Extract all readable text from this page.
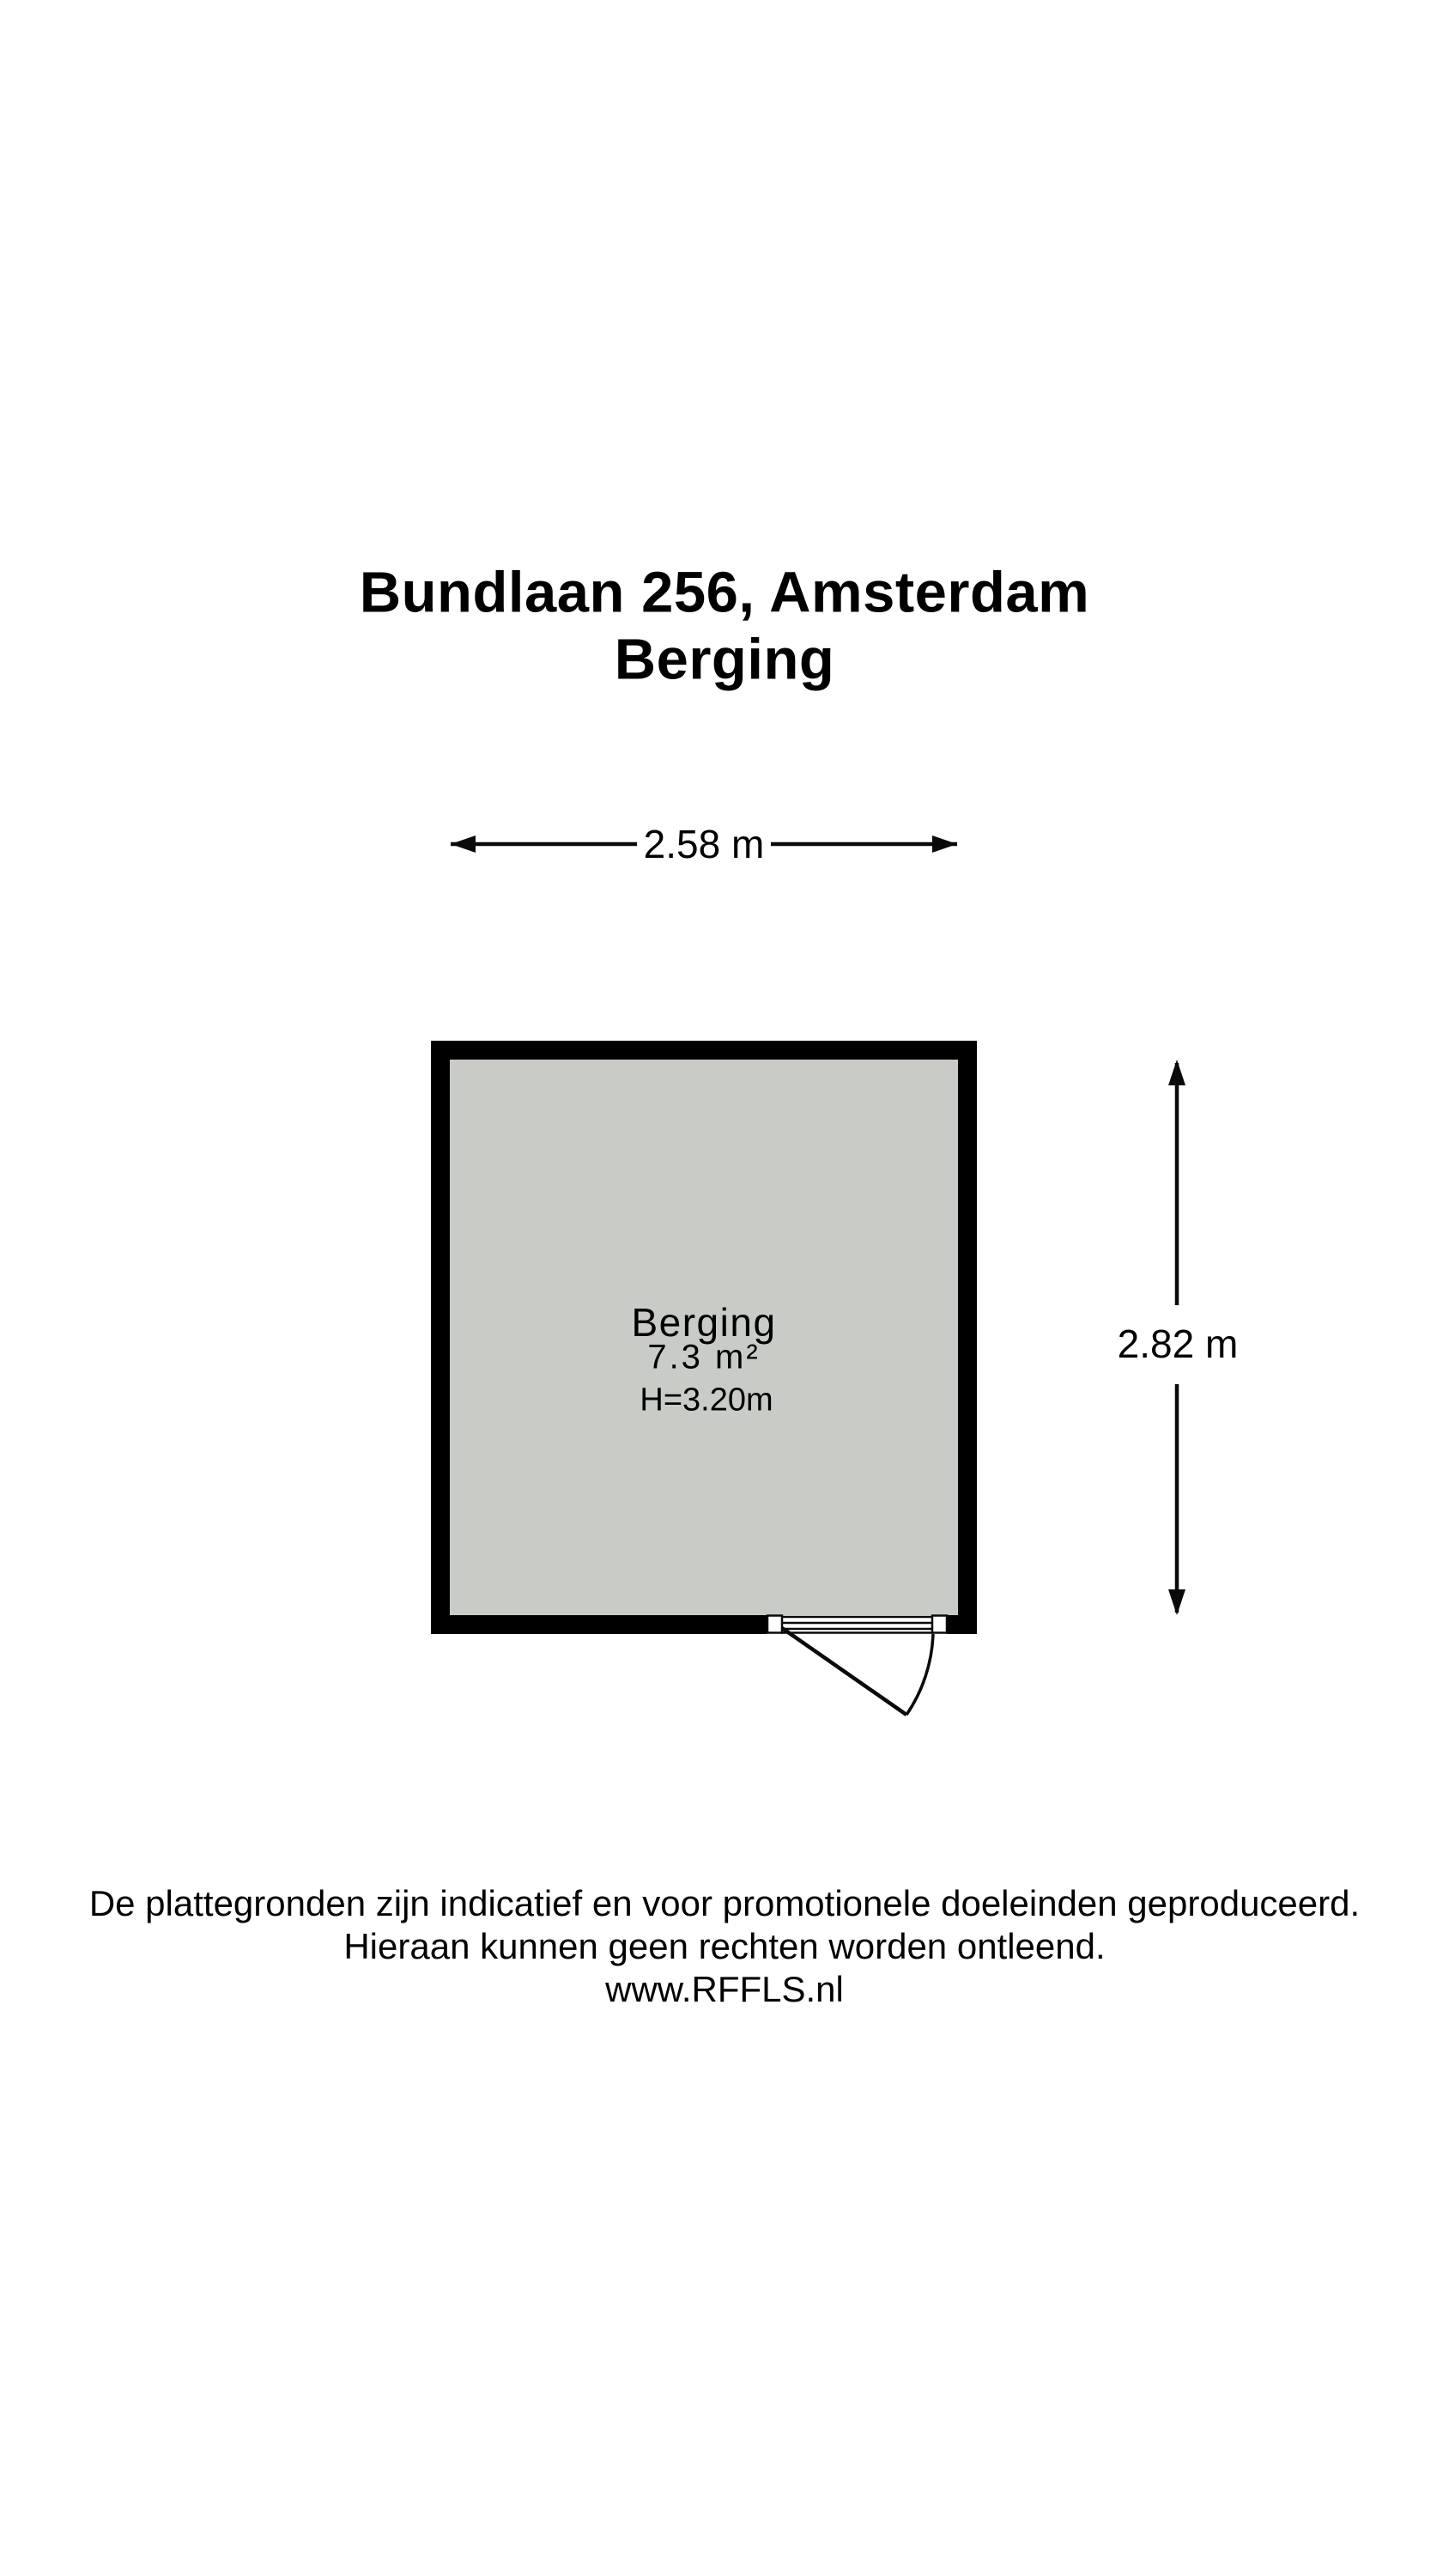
Bundlaan 256, Amsterdam
Berging
2.58 m
2.82 m
Berging
7.3 m²
H=3.20m
De plattegronden zijn indicatief en voor promotionele doeleinden geproduceerd.
Hieraan kunnen geen rechten worden ontleend.
www.RFFLS.nl
